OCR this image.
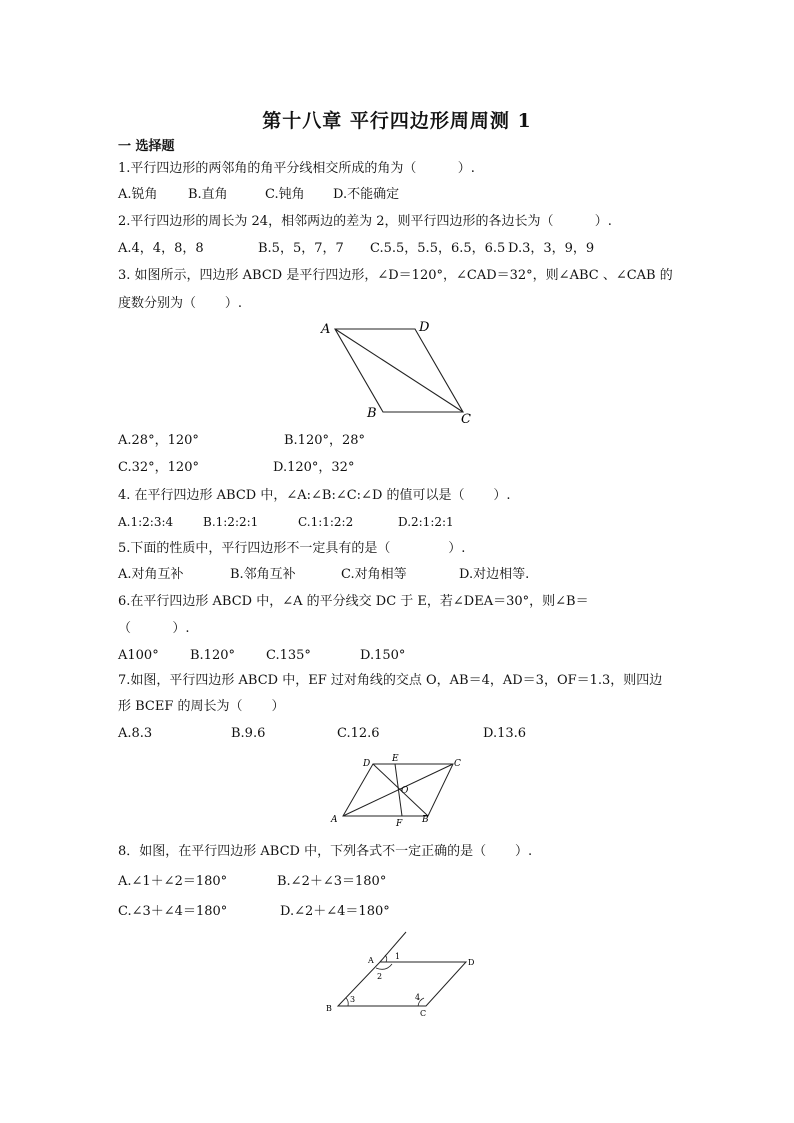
第十八章 平行四边形周周测 1
一 选择题
1.平行四边形的两邻角的角平分线相交所成的角为（          ）.
A.锐角 B.直角	C.钝角 D.不能确定
2.平行四边形的周长为 24，相邻两边的差为 2，则平行四边形的各边长为（          ）.
A.4，4，8，8	B.5，5，7，7 C.5.5，5.5，6.5，6.5 D.3，3，9，9
3. 如图所示，四边形 ABCD 是平行四边形，∠D＝120°，∠CAD＝32°，则∠ABC 、∠CAB 的
度数分别为（       ）.
A	D
B	C
A.28°，120°	B.120°，28°
C.32°，120°	D.120°，32°
4. 在平行四边形 ABCD 中，∠A:∠B:∠C:∠D 的值可以是（       ）.
A.1:2:3:4 B.1:2:2:1	C.1:1:2:2	D.2:1:2:1
5.下面的性质中，平行四边形不一定具有的是（              ）.
A.对角互补	B.邻角互补	C.对角相等	D.对边相等.
6.在平行四边形 ABCD 中，∠A 的平分线交 DC 于 E，若∠DEA＝30°，则∠B＝
（          ）.
A100° B.120° C.135°	D.150°
7.如图，平行四边形 ABCD 中，EF 过对角线的交点 O，AB＝4，AD＝3，OF＝1.3，则四边
形 BCEF 的周长为（       ）
A.8.3	B.9.6	C.12.6	D.13.6
D E	C
O
A	F B
8．如图，在平行四边形 ABCD 中，下列各式不一定正确的是（       ）.
A.∠1＋∠2＝180°	B.∠2＋∠3＝180°
C.∠3＋∠4＝180°	D.∠2＋∠4＝180°
A	1
D
2
3	4
B
C
